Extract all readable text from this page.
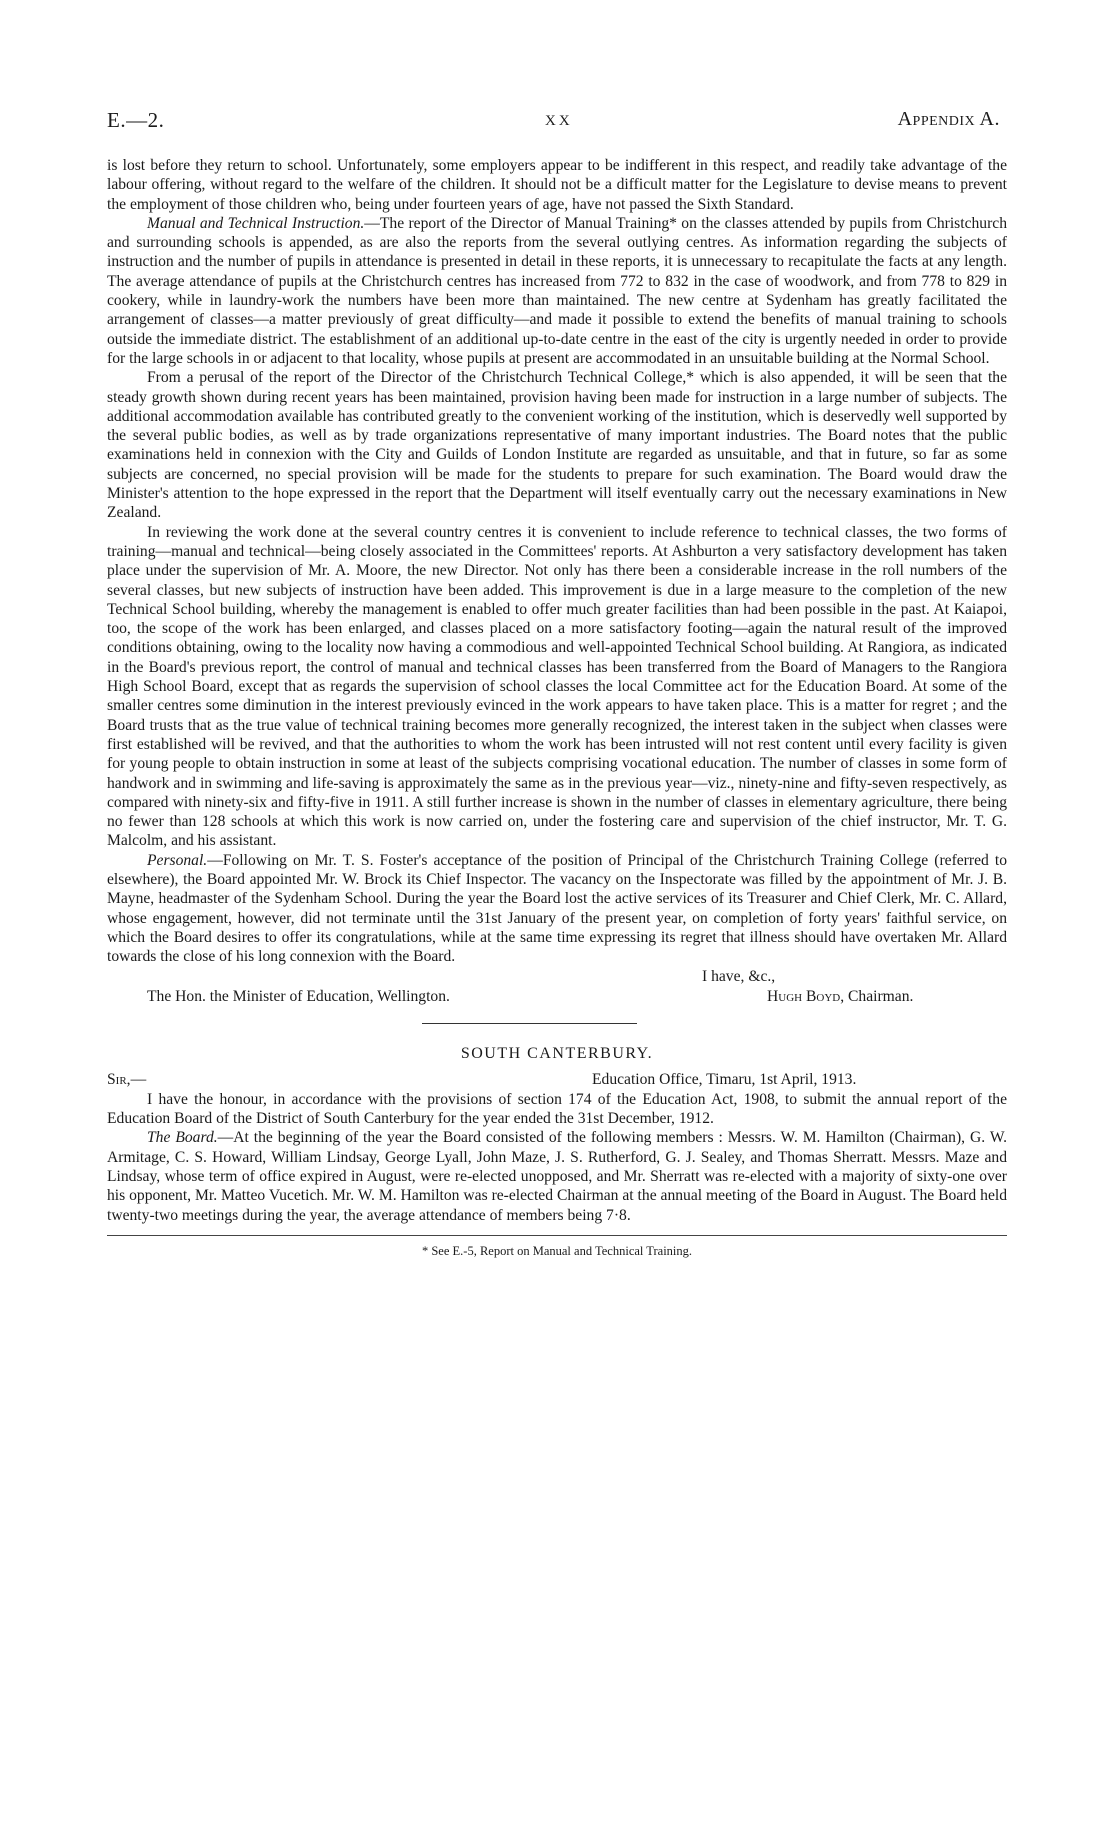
E.—2.	XX	Appendix A.

is lost before they return to school. Unfortunately, some employers appear to be indifferent in this respect, and readily take advantage of the labour offering, without regard to the welfare of the children. It should not be a difficult matter for the Legislature to devise means to prevent the employment of those children who, being under fourteen years of age, have not passed the Sixth Standard.

Manual and Technical Instruction.—The report of the Director of Manual Training* on the classes attended by pupils from Christchurch and surrounding schools is appended, as are also the reports from the several outlying centres. As information regarding the subjects of instruction and the number of pupils in attendance is presented in detail in these reports, it is unnecessary to recapitulate the facts at any length. The average attendance of pupils at the Christchurch centres has increased from 772 to 832 in the case of woodwork, and from 778 to 829 in cookery, while in laundry-work the numbers have been more than maintained. The new centre at Sydenham has greatly facilitated the arrangement of classes—a matter previously of great difficulty—and made it possible to extend the benefits of manual training to schools outside the immediate district. The establishment of an additional up-to-date centre in the east of the city is urgently needed in order to provide for the large schools in or adjacent to that locality, whose pupils at present are accommodated in an unsuitable building at the Normal School.

From a perusal of the report of the Director of the Christchurch Technical College,* which is also appended, it will be seen that the steady growth shown during recent years has been maintained, provision having been made for instruction in a large number of subjects. The additional accommodation available has contributed greatly to the convenient working of the institution, which is deservedly well supported by the several public bodies, as well as by trade organizations representative of many important industries. The Board notes that the public examinations held in connexion with the City and Guilds of London Institute are regarded as unsuitable, and that in future, so far as some subjects are concerned, no special provision will be made for the students to prepare for such examination. The Board would draw the Minister's attention to the hope expressed in the report that the Department will itself eventually carry out the necessary examinations in New Zealand.

In reviewing the work done at the several country centres it is convenient to include reference to technical classes, the two forms of training—manual and technical—being closely associated in the Committees' reports. At Ashburton a very satisfactory development has taken place under the supervision of Mr. A. Moore, the new Director. Not only has there been a considerable increase in the roll numbers of the several classes, but new subjects of instruction have been added. This improvement is due in a large measure to the completion of the new Technical School building, whereby the management is enabled to offer much greater facilities than had been possible in the past. At Kaiapoi, too, the scope of the work has been enlarged, and classes placed on a more satisfactory footing—again the natural result of the improved conditions obtaining, owing to the locality now having a commodious and well-appointed Technical School building. At Rangiora, as indicated in the Board's previous report, the control of manual and technical classes has been transferred from the Board of Managers to the Rangiora High School Board, except that as regards the supervision of school classes the local Committee act for the Education Board. At some of the smaller centres some diminution in the interest previously evinced in the work appears to have taken place. This is a matter for regret ; and the Board trusts that as the true value of technical training becomes more generally recognized, the interest taken in the subject when classes were first established will be revived, and that the authorities to whom the work has been intrusted will not rest content until every facility is given for young people to obtain instruction in some at least of the subjects comprising vocational education. The number of classes in some form of handwork and in swimming and life-saving is approximately the same as in the previous year—viz., ninety-nine and fifty-seven respectively, as compared with ninety-six and fifty-five in 1911. A still further increase is shown in the number of classes in elementary agriculture, there being no fewer than 128 schools at which this work is now carried on, under the fostering care and supervision of the chief instructor, Mr. T. G. Malcolm, and his assistant.

Personal.—Following on Mr. T. S. Foster's acceptance of the position of Principal of the Christchurch Training College (referred to elsewhere), the Board appointed Mr. W. Brock its Chief Inspector. The vacancy on the Inspectorate was filled by the appointment of Mr. J. B. Mayne, headmaster of the Sydenham School. During the year the Board lost the active services of its Treasurer and Chief Clerk, Mr. C. Allard, whose engagement, however, did not terminate until the 31st January of the present year, on completion of forty years' faithful service, on which the Board desires to offer its congratulations, while at the same time expressing its regret that illness should have overtaken Mr. Allard towards the close of his long connexion with the Board.

I have, &c.,
The Hon. the Minister of Education, Wellington.	Hugh Boyd, Chairman.
SOUTH CANTERBURY.
Sir,—	Education Office, Timaru, 1st April, 1913.

I have the honour, in accordance with the provisions of section 174 of the Education Act, 1908, to submit the annual report of the Education Board of the District of South Canterbury for the year ended the 31st December, 1912.

The Board.—At the beginning of the year the Board consisted of the following members : Messrs. W. M. Hamilton (Chairman), G. W. Armitage, C. S. Howard, William Lindsay, George Lyall, John Maze, J. S. Rutherford, G. J. Sealey, and Thomas Sherratt. Messrs. Maze and Lindsay, whose term of office expired in August, were re-elected unopposed, and Mr. Sherratt was re-elected with a majority of sixty-one over his opponent, Mr. Matteo Vucetich. Mr. W. M. Hamilton was re-elected Chairman at the annual meeting of the Board in August. The Board held twenty-two meetings during the year, the average attendance of members being 7·8.

* See E.-5, Report on Manual and Technical Training.
